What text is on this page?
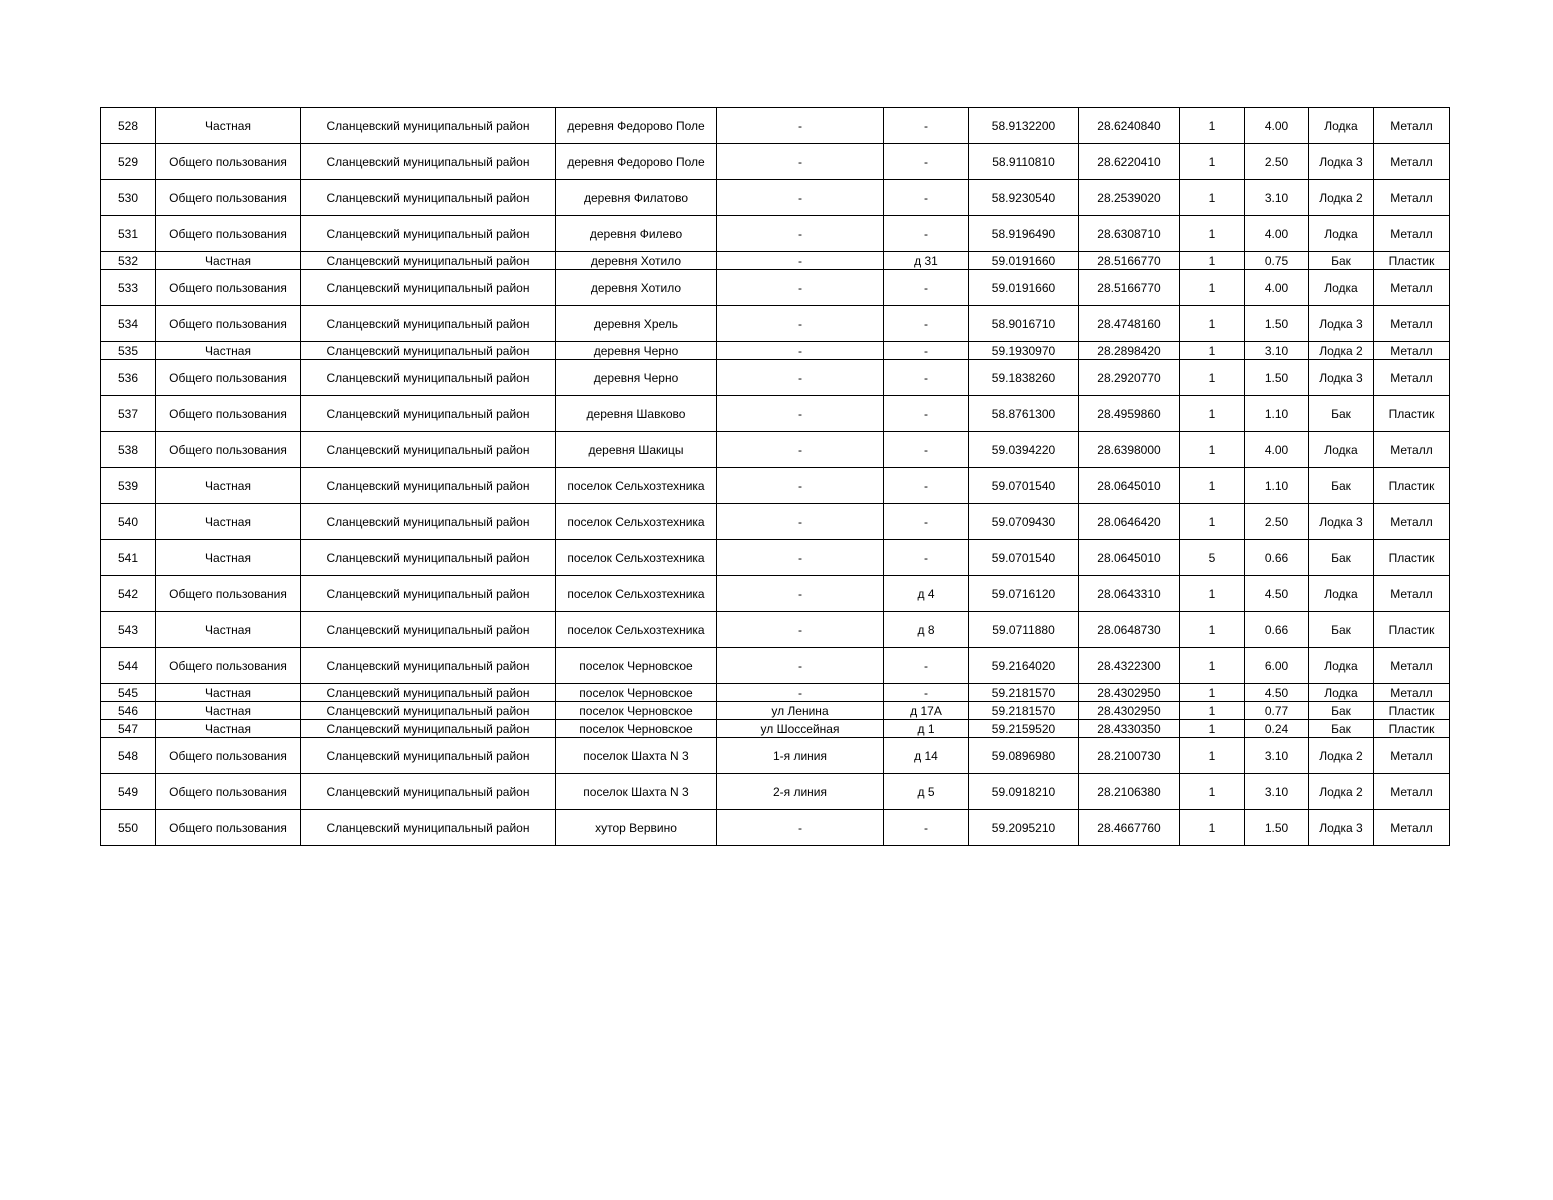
528	Частная	Сланцевский муниципальный район	деревня Федорово Поле	-	-	58.9132200	28.6240840	1	4.00	Лодка	Металл
529	Общего пользования	Сланцевский муниципальный район	деревня Федорово Поле	-	-	58.9110810	28.6220410	1	2.50	Лодка 3	Металл
530	Общего пользования	Сланцевский муниципальный район	деревня Филатово	-	-	58.9230540	28.2539020	1	3.10	Лодка 2	Металл
531	Общего пользования	Сланцевский муниципальный район	деревня Филево	-	-	58.9196490	28.6308710	1	4.00	Лодка	Металл
532	Частная	Сланцевский муниципальный район	деревня Хотило	-	д 31	59.0191660	28.5166770	1	0.75	Бак	Пластик
533	Общего пользования	Сланцевский муниципальный район	деревня Хотило	-	-	59.0191660	28.5166770	1	4.00	Лодка	Металл
534	Общего пользования	Сланцевский муниципальный район	деревня Хрель	-	-	58.9016710	28.4748160	1	1.50	Лодка 3	Металл
535	Частная	Сланцевский муниципальный район	деревня Черно	-	-	59.1930970	28.2898420	1	3.10	Лодка 2	Металл
536	Общего пользования	Сланцевский муниципальный район	деревня Черно	-	-	59.1838260	28.2920770	1	1.50	Лодка 3	Металл
537	Общего пользования	Сланцевский муниципальный район	деревня Шавково	-	-	58.8761300	28.4959860	1	1.10	Бак	Пластик
538	Общего пользования	Сланцевский муниципальный район	деревня Шакицы	-	-	59.0394220	28.6398000	1	4.00	Лодка	Металл
539	Частная	Сланцевский муниципальный район	поселок Сельхозтехника	-	-	59.0701540	28.0645010	1	1.10	Бак	Пластик
540	Частная	Сланцевский муниципальный район	поселок Сельхозтехника	-	-	59.0709430	28.0646420	1	2.50	Лодка 3	Металл
541	Частная	Сланцевский муниципальный район	поселок Сельхозтехника	-	-	59.0701540	28.0645010	5	0.66	Бак	Пластик
542	Общего пользования	Сланцевский муниципальный район	поселок Сельхозтехника	-	д 4	59.0716120	28.0643310	1	4.50	Лодка	Металл
543	Частная	Сланцевский муниципальный район	поселок Сельхозтехника	-	д 8	59.0711880	28.0648730	1	0.66	Бак	Пластик
544	Общего пользования	Сланцевский муниципальный район	поселок Черновское	-	-	59.2164020	28.4322300	1	6.00	Лодка	Металл
545	Частная	Сланцевский муниципальный район	поселок Черновское	-	-	59.2181570	28.4302950	1	4.50	Лодка	Металл
546	Частная	Сланцевский муниципальный район	поселок Черновское	ул Ленина	д 17А	59.2181570	28.4302950	1	0.77	Бак	Пластик
547	Частная	Сланцевский муниципальный район	поселок Черновское	ул Шоссейная	д 1	59.2159520	28.4330350	1	0.24	Бак	Пластик
548	Общего пользования	Сланцевский муниципальный район	поселок Шахта N 3	1-я линия	д 14	59.0896980	28.2100730	1	3.10	Лодка 2	Металл
549	Общего пользования	Сланцевский муниципальный район	поселок Шахта N 3	2-я линия	д 5	59.0918210	28.2106380	1	3.10	Лодка 2	Металл
550	Общего пользования	Сланцевский муниципальный район	хутор Вервино	-	-	59.2095210	28.4667760	1	1.50	Лодка 3	Металл
